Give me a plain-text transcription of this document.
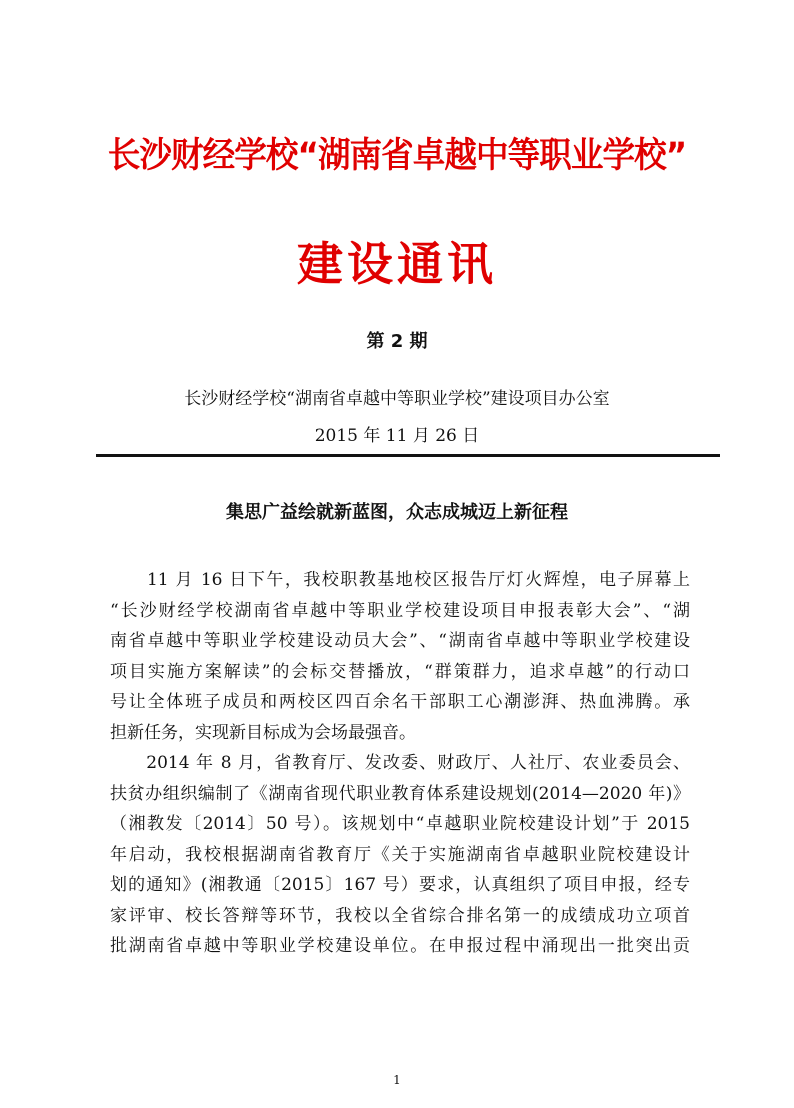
长沙财经学校“湖南省卓越中等职业学校”
建设通讯
第 2 期
长沙财经学校“湖南省卓越中等职业学校”建设项目办公室
2015 年 11 月 26 日
集思广益绘就新蓝图，众志成城迈上新征程
　　11 月 16 日下午，我校职教基地校区报告厅灯火辉煌，电子屏幕上
“长沙财经学校湖南省卓越中等职业学校建设项目申报表彰大会”、“湖
南省卓越中等职业学校建设动员大会”、“湖南省卓越中等职业学校建设
项目实施方案解读”的会标交替播放，“群策群力，追求卓越”的行动口
号让全体班子成员和两校区四百余名干部职工心潮澎湃、热血沸腾。承
担新任务，实现新目标成为会场最强音。
　　2014 年 8 月，省教育厅、发改委、财政厅、人社厅、农业委员会、
扶贫办组织编制了《湖南省现代职业教育体系建设规划(2014—2020 年)》
（湘教发〔2014〕50 号）。该规划中“卓越职业院校建设计划”于 2015
年启动，我校根据湖南省教育厅《关于实施湖南省卓越职业院校建设计
划的通知》(湘教通〔2015〕167 号）要求，认真组织了项目申报，经专
家评审、校长答辩等环节，我校以全省综合排名第一的成绩成功立项首
批湖南省卓越中等职业学校建设单位。在申报过程中涌现出一批突出贡
1
